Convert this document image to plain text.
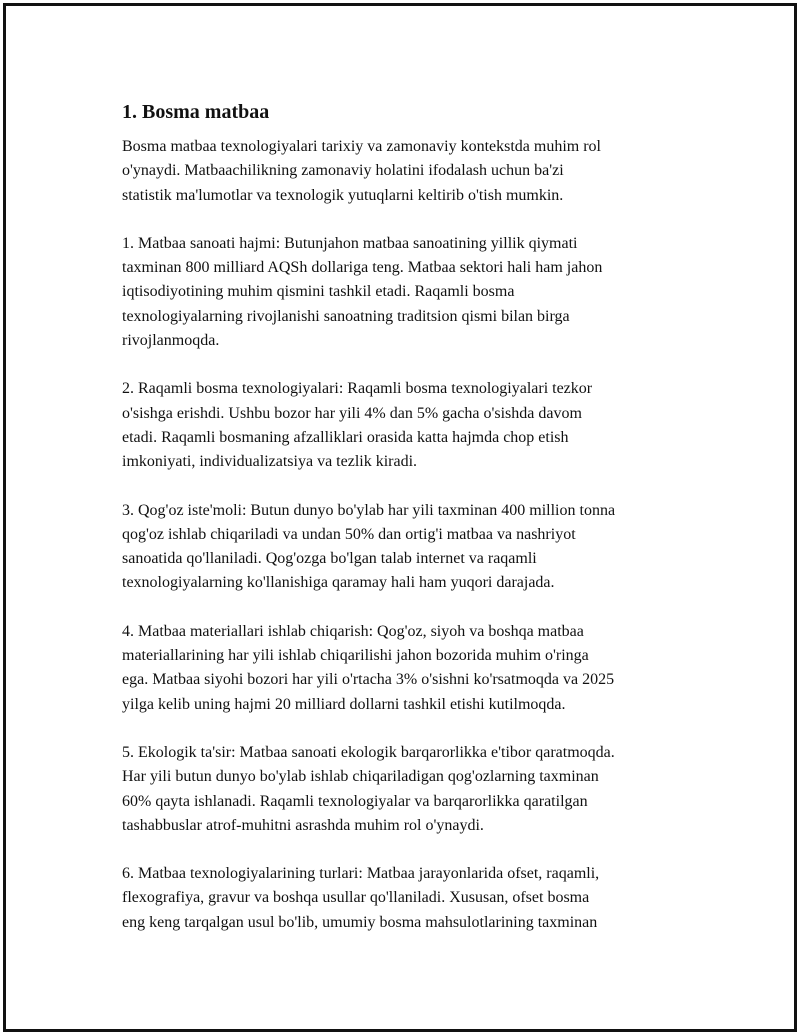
1. Bosma matbaa

Bosma matbaa texnologiyalari tarixiy va zamonaviy kontekstda muhim rol
o'ynaydi. Matbaachilikning zamonaviy holatini ifodalash uchun ba'zi
statistik ma'lumotlar va texnologik yutuqlarni keltirib o'tish mumkin.

1. Matbaa sanoati hajmi: Butunjahon matbaa sanoatining yillik qiymati
taxminan 800 milliard AQSh dollariga teng. Matbaa sektori hali ham jahon
iqtisodiyotining muhim qismini tashkil etadi. Raqamli bosma
texnologiyalarning rivojlanishi sanoatning traditsion qismi bilan birga
rivojlanmoqda.

2. Raqamli bosma texnologiyalari: Raqamli bosma texnologiyalari tezkor
o'sishga erishdi. Ushbu bozor har yili 4% dan 5% gacha o'sishda davom
etadi. Raqamli bosmaning afzalliklari orasida katta hajmda chop etish
imkoniyati, individualizatsiya va tezlik kiradi.

3. Qog'oz iste'moli: Butun dunyo bo'ylab har yili taxminan 400 million tonna
qog'oz ishlab chiqariladi va undan 50% dan ortig'i matbaa va nashriyot
sanoatida qo'llaniladi. Qog'ozga bo'lgan talab internet va raqamli
texnologiyalarning ko'llanishiga qaramay hali ham yuqori darajada.

4. Matbaa materiallari ishlab chiqarish: Qog'oz, siyoh va boshqa matbaa
materiallarining har yili ishlab chiqarilishi jahon bozorida muhim o'ringa
ega. Matbaa siyohi bozori har yili o'rtacha 3% o'sishni ko'rsatmoqda va 2025
yilga kelib uning hajmi 20 milliard dollarni tashkil etishi kutilmoqda.

5. Ekologik ta'sir: Matbaa sanoati ekologik barqarorlikka e'tibor qaratmoqda.
Har yili butun dunyo bo'ylab ishlab chiqariladigan qog'ozlarning taxminan
60% qayta ishlanadi. Raqamli texnologiyalar va barqarorlikka qaratilgan
tashabbuslar atrof-muhitni asrashda muhim rol o'ynaydi.

6. Matbaa texnologiyalarining turlari: Matbaa jarayonlarida ofset, raqamli,
flexografiya, gravur va boshqa usullar qo'llaniladi. Xususan, ofset bosma
eng keng tarqalgan usul bo'lib, umumiy bosma mahsulotlarining taxminan
